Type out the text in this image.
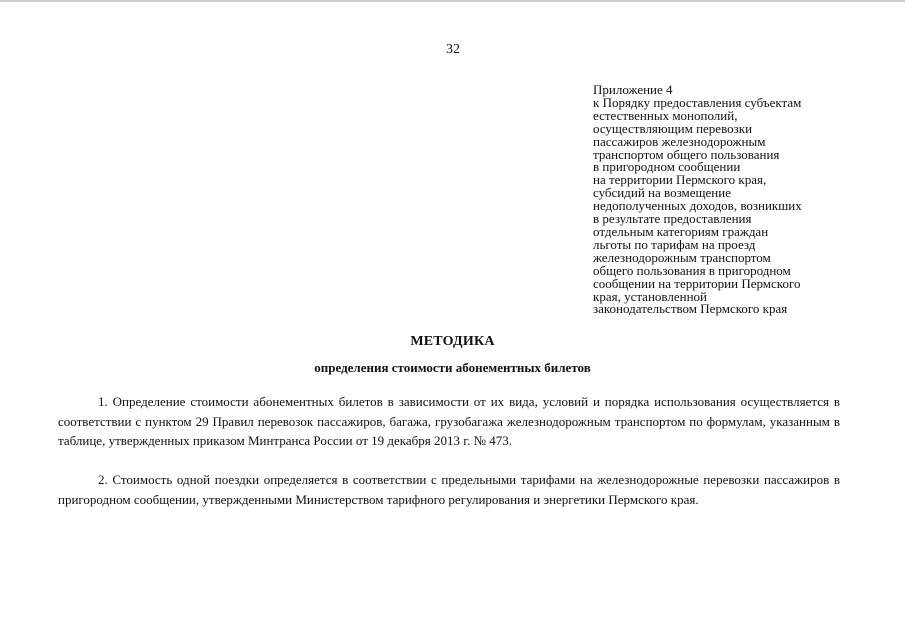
32
Приложение 4
к Порядку предоставления субъектам
естественных монополий,
осуществляющим перевозки
пассажиров железнодорожным
транспортом общего пользования
в пригородном сообщении
на территории Пермского края,
субсидий на возмещение
недополученных доходов, возникших
в результате предоставления
отдельным категориям граждан
льготы по тарифам на проезд
железнодорожным транспортом
общего пользования в пригородном
сообщении на территории Пермского
края, установленной
законодательством Пермского края
МЕТОДИКА
определения стоимости абонементных билетов

1. Определение стоимости абонементных билетов в зависимости от их вида, условий и порядка использования осуществляется в соответствии с пунктом 29 Правил перевозок пассажиров, багажа, грузобагажа железнодорожным транспортом по формулам, указанным в таблице, утвержденных приказом Минтранса России от 19 декабря 2013 г. № 473.

2. Стоимость одной поездки определяется в соответствии с предельными тарифами на железнодорожные перевозки пассажиров в пригородном сообщении, утвержденными Министерством тарифного регулирования и энергетики Пермского края.
